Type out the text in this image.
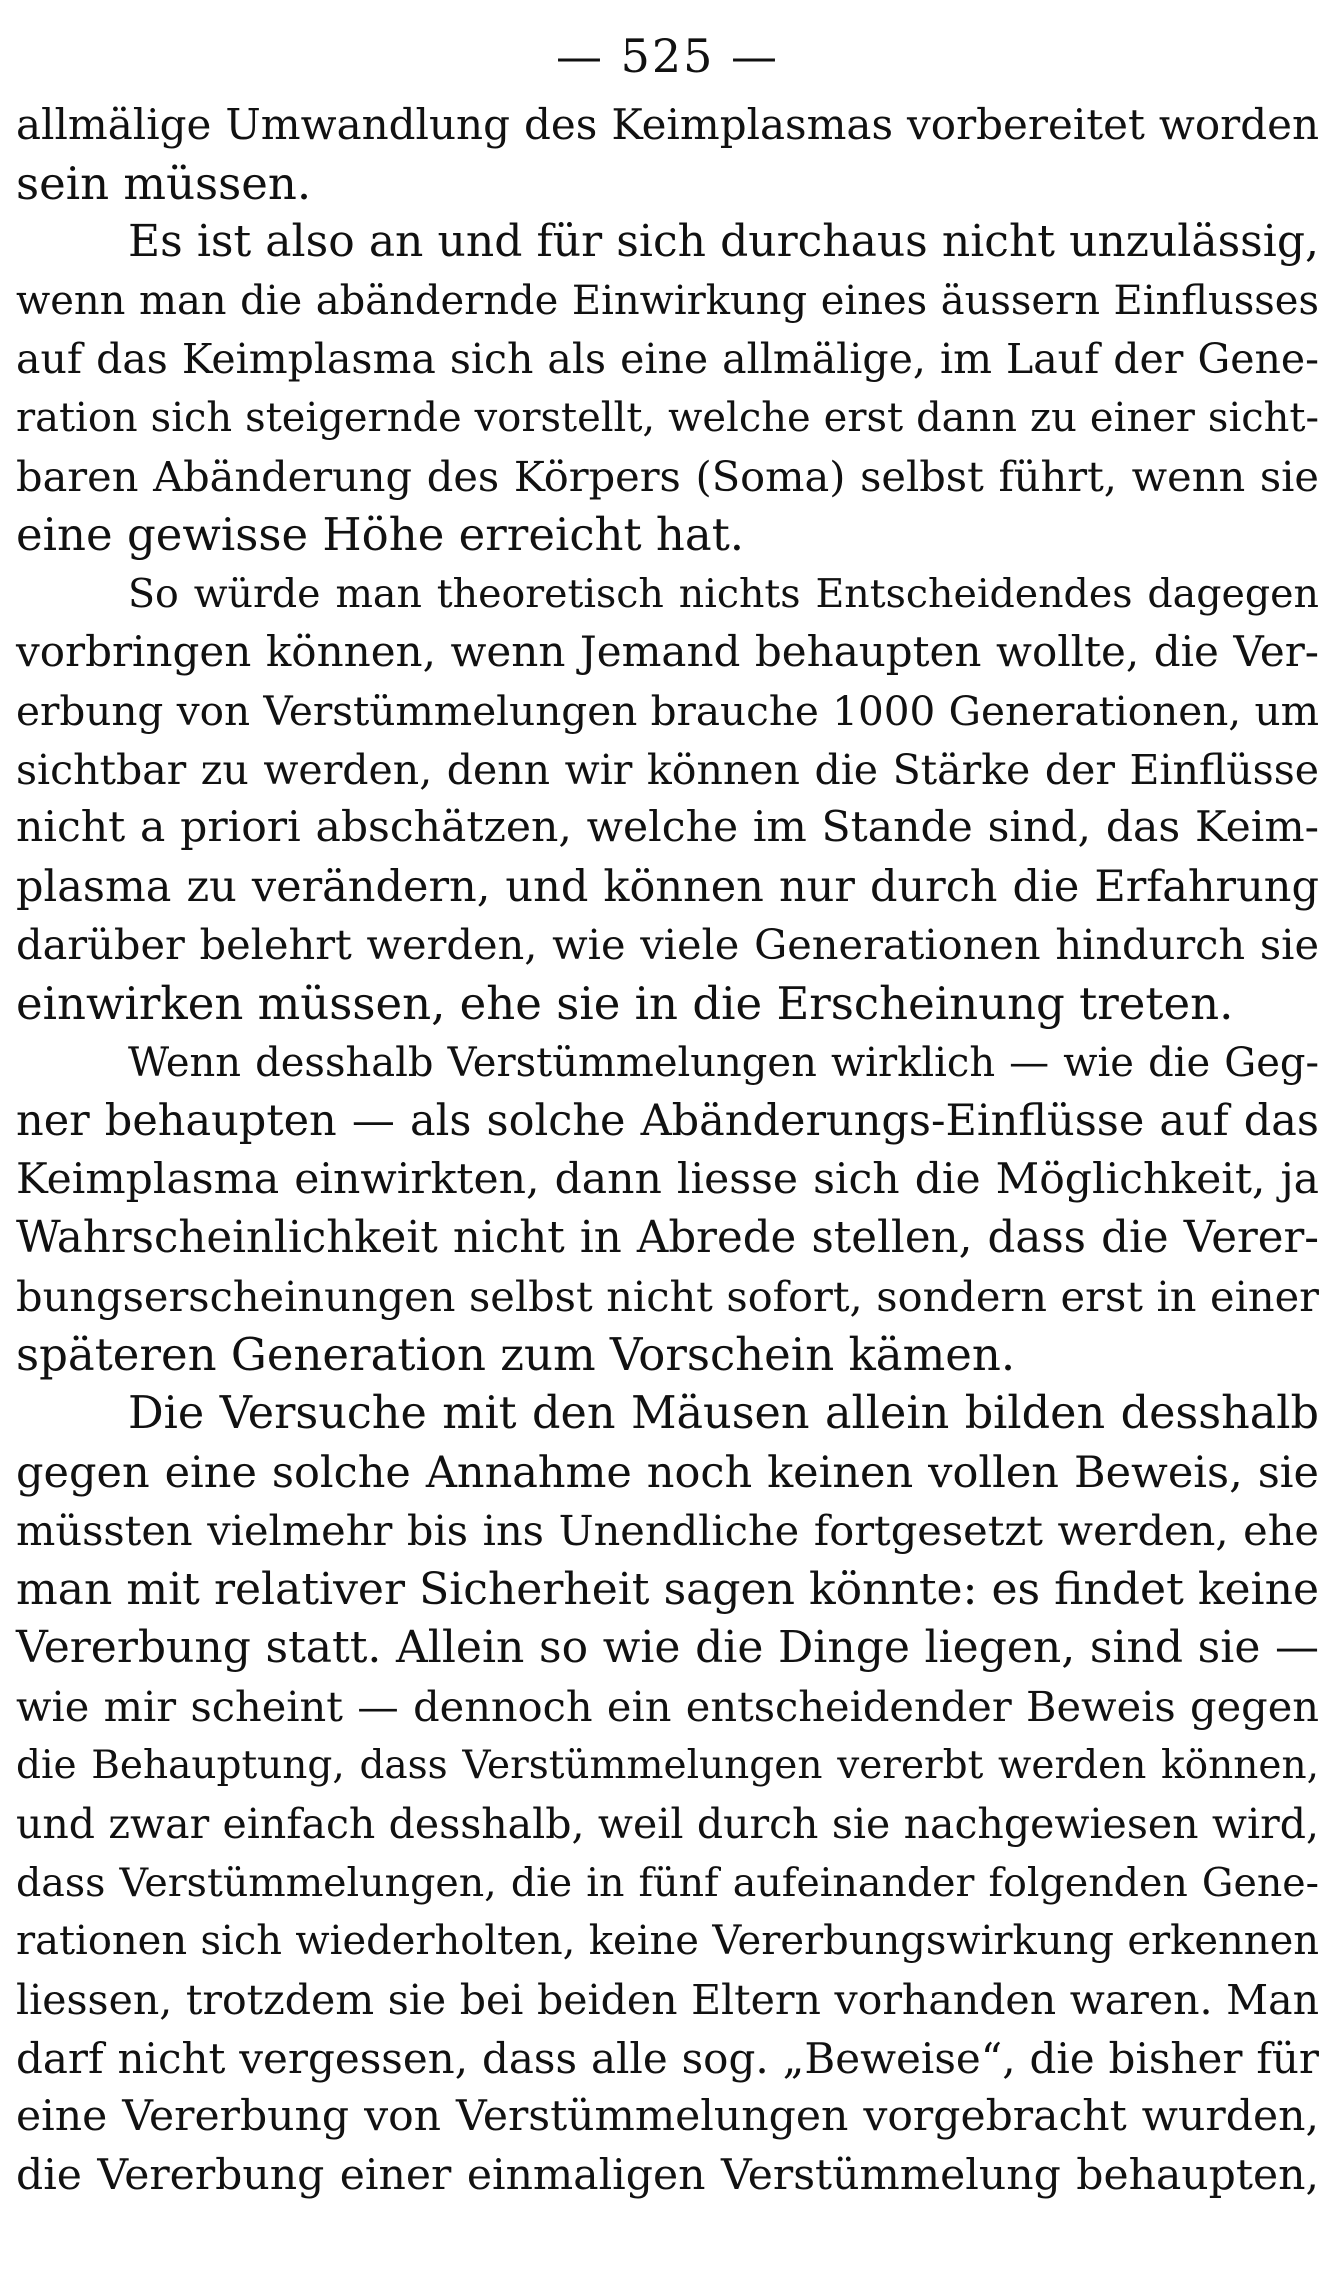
— 525 —
allmälige Umwandlung des Keimplasmas vorbereitet worden
sein müssen.
Es ist also an und für sich durchaus nicht unzulässig,
wenn man die abändernde Einwirkung eines äussern Einflusses
auf das Keimplasma sich als eine allmälige, im Lauf der Gene-
ration sich steigernde vorstellt, welche erst dann zu einer sicht-
baren Abänderung des Körpers (Soma) selbst führt, wenn sie
eine gewisse Höhe erreicht hat.
So würde man theoretisch nichts Entscheidendes dagegen
vorbringen können, wenn Jemand behaupten wollte, die Ver-
erbung von Verstümmelungen brauche 1000 Generationen, um
sichtbar zu werden, denn wir können die Stärke der Einflüsse
nicht a priori abschätzen, welche im Stande sind, das Keim-
plasma zu verändern, und können nur durch die Erfahrung
darüber belehrt werden, wie viele Generationen hindurch sie
einwirken müssen, ehe sie in die Erscheinung treten.
Wenn desshalb Verstümmelungen wirklich — wie die Geg-
ner behaupten — als solche Abänderungs-Einflüsse auf das
Keimplasma einwirkten, dann liesse sich die Möglichkeit, ja
Wahrscheinlichkeit nicht in Abrede stellen, dass die Verer-
bungserscheinungen selbst nicht sofort, sondern erst in einer
späteren Generation zum Vorschein kämen.
Die Versuche mit den Mäusen allein bilden desshalb
gegen eine solche Annahme noch keinen vollen Beweis, sie
müssten vielmehr bis ins Unendliche fortgesetzt werden, ehe
man mit relativer Sicherheit sagen könnte: es findet keine
Vererbung statt. Allein so wie die Dinge liegen, sind sie —
wie mir scheint — dennoch ein entscheidender Beweis gegen
die Behauptung, dass Verstümmelungen vererbt werden können,
und zwar einfach desshalb, weil durch sie nachgewiesen wird,
dass Verstümmelungen, die in fünf aufeinander folgenden Gene-
rationen sich wiederholten, keine Vererbungswirkung erkennen
liessen, trotzdem sie bei beiden Eltern vorhanden waren. Man
darf nicht vergessen, dass alle sog. „Beweise“, die bisher für
eine Vererbung von Verstümmelungen vorgebracht wurden,
die Vererbung einer einmaligen Verstümmelung behaupten,
